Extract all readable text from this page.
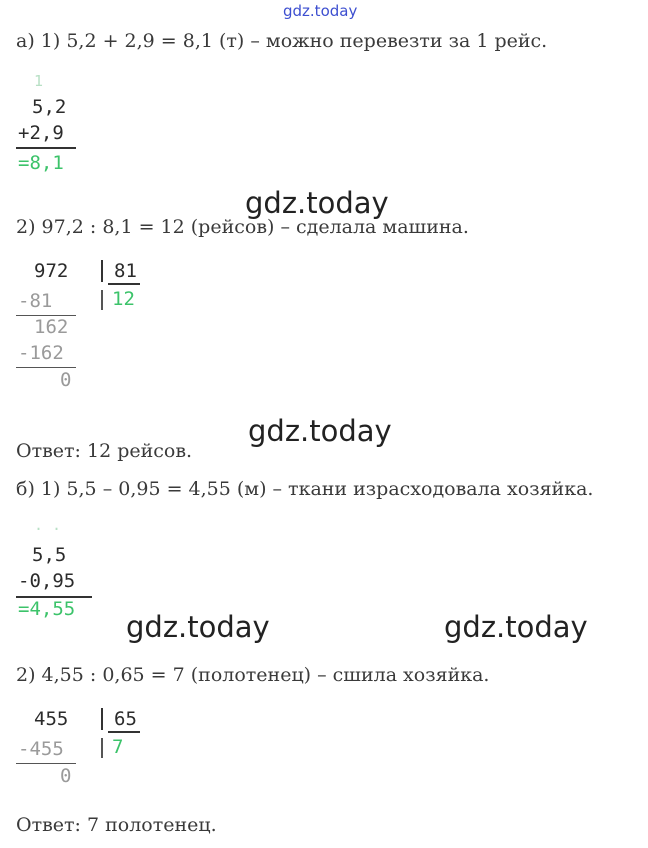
gdz.today
а) 1) 5,2 + 2,9 = 8,1 (т) – можно перевезти за 1 рейс.
1
5,2
+2,9
=8,1
gdz.today
2) 97,2 : 8,1 = 12 (рейсов) – сделала машина.
972 81
12
-81
162
-162
0
gdz.today
Ответ: 12 рейсов.
б) 1) 5,5 – 0,95 = 4,55 (м) – ткани израсходовала хозяйка.
. .
5,5
-0,95
=4,55
gdz.today	gdz.today
2) 4,55 : 0,65 = 7 (полотенец) – сшила хозяйка.
455 65
7
-455
0
Ответ: 7 полотенец.
